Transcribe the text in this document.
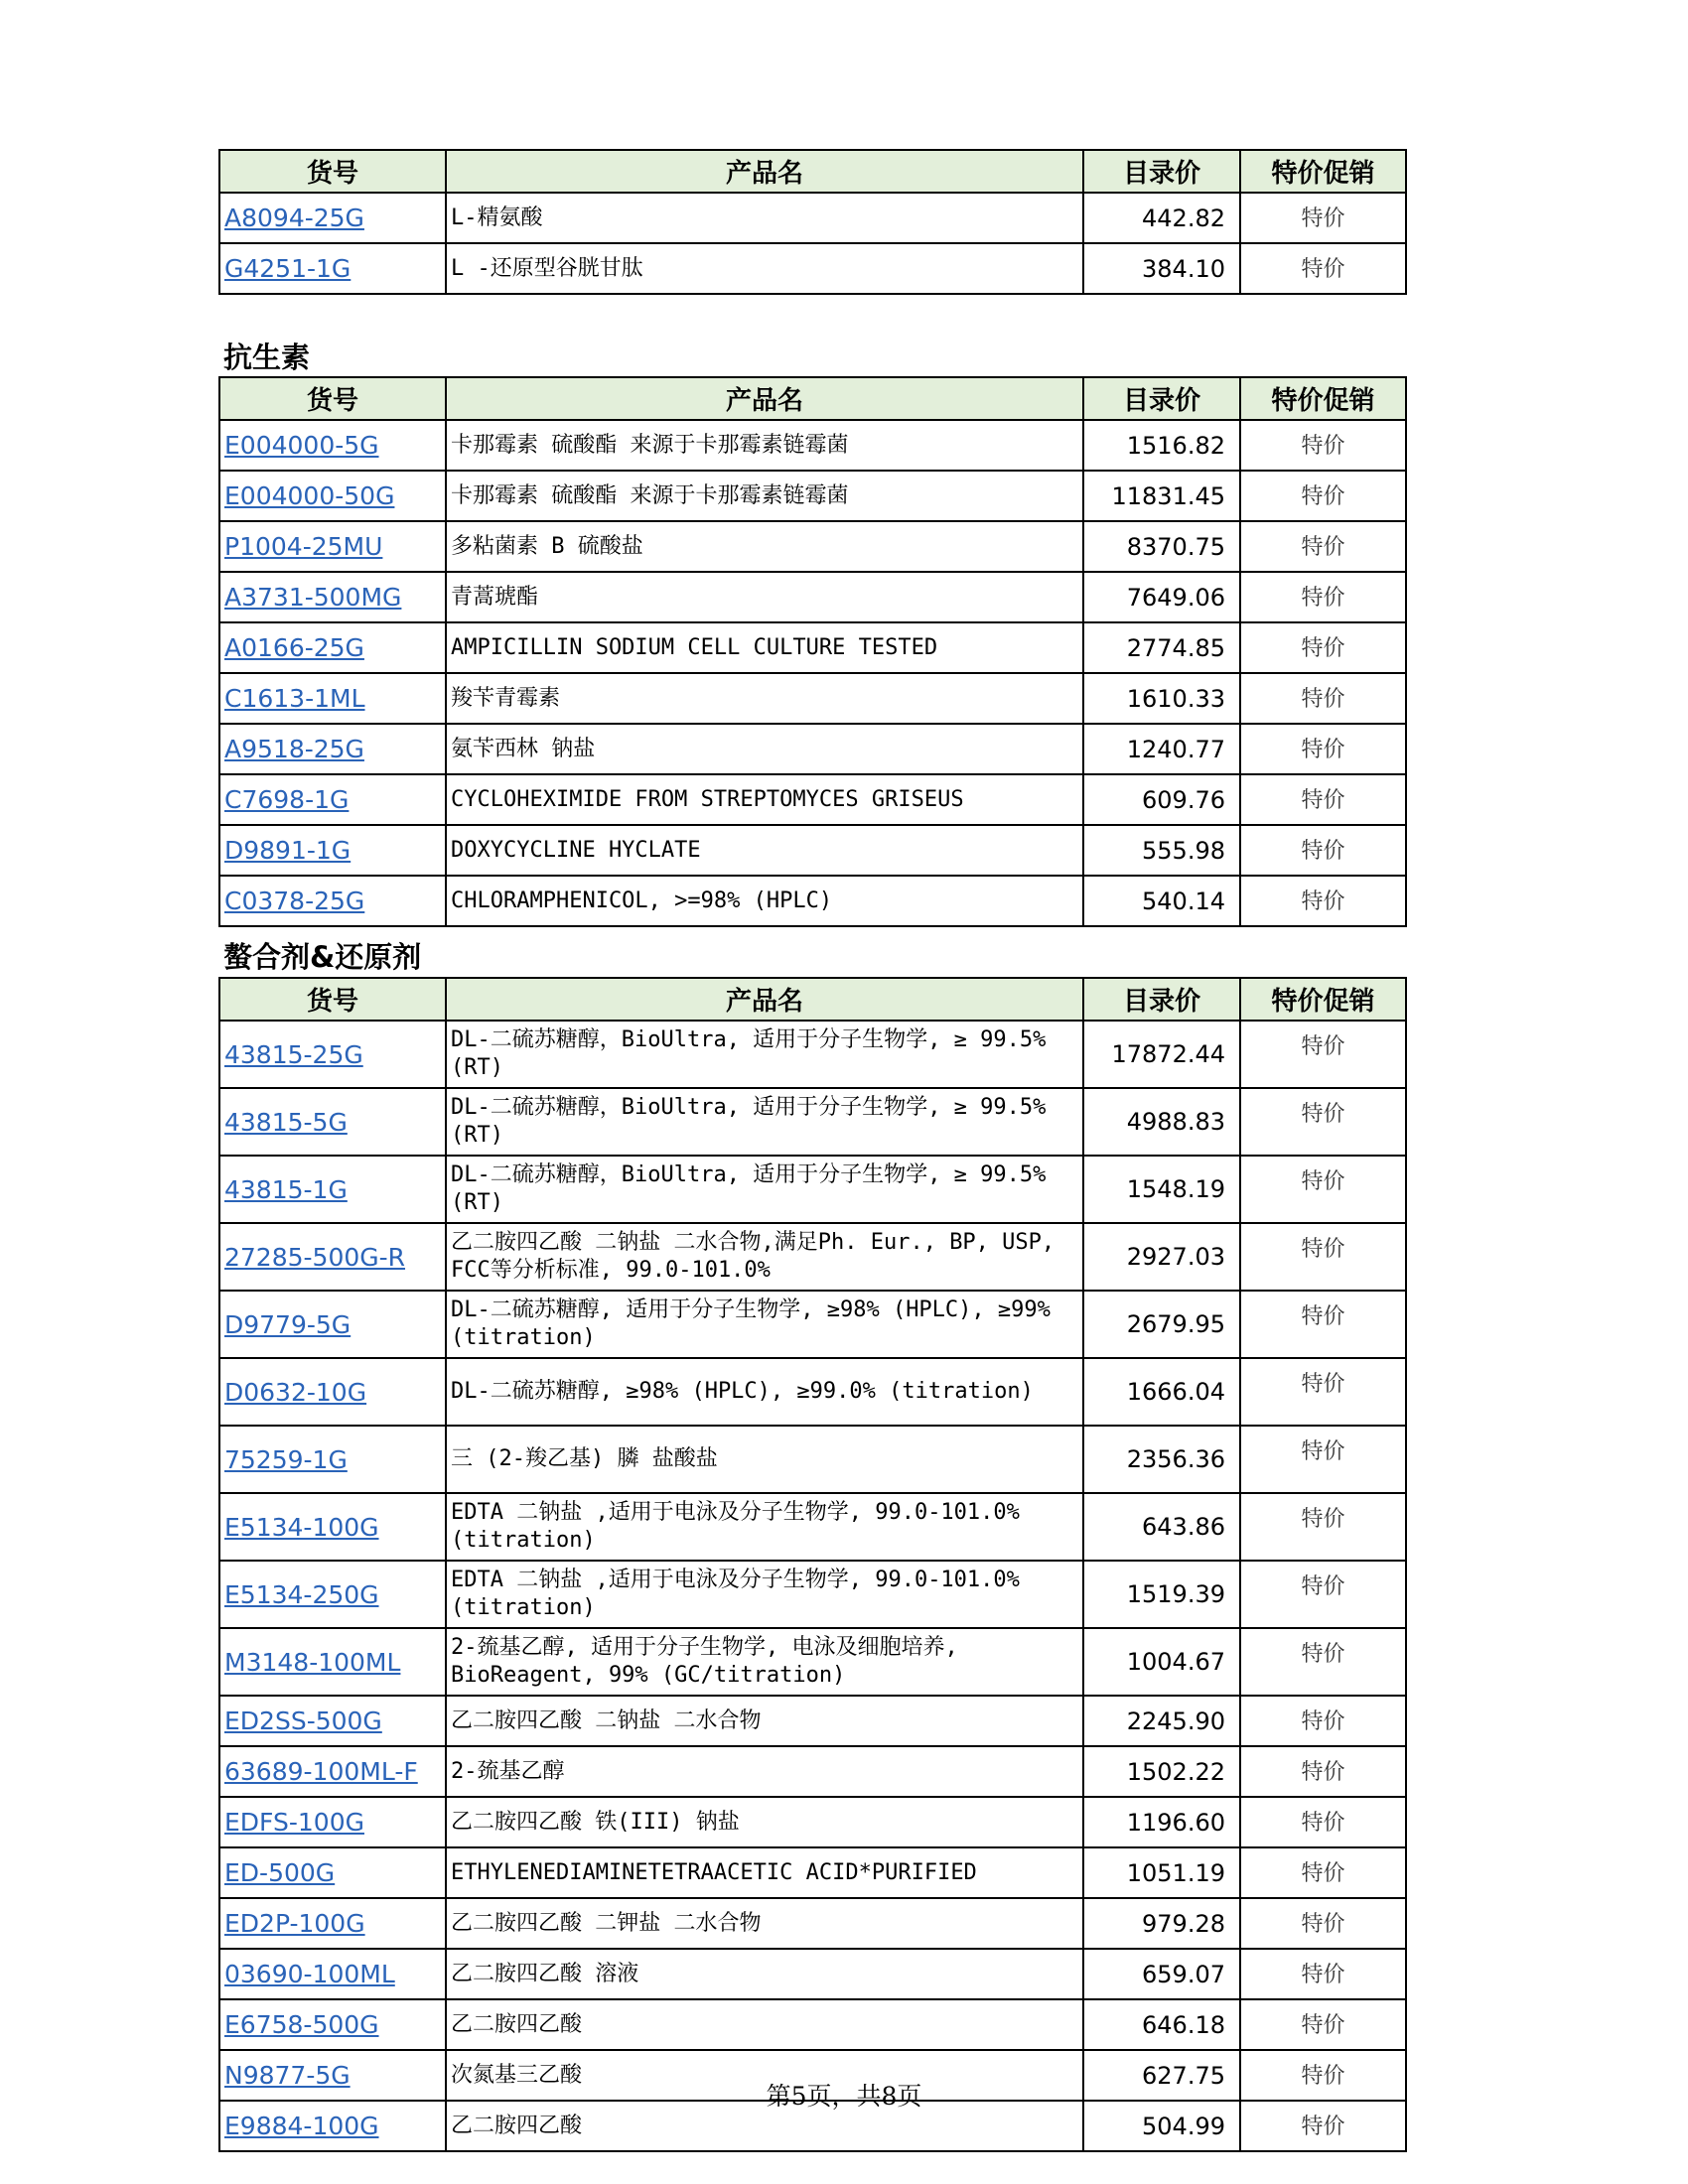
抗生素
螯合剂&还原剂
货号	产品名	目录价	特价促销
A8094-25G	L-精氨酸	442.82	特价
G4251-1G	L -还原型谷胱甘肽	384.10	特价
货号	产品名	目录价	特价促销
E004000-5G	卡那霉素 硫酸酯 来源于卡那霉素链霉菌	1516.82	特价
E004000-50G	卡那霉素 硫酸酯 来源于卡那霉素链霉菌	11831.45	特价
P1004-25MU	多粘菌素 B 硫酸盐	8370.75	特价
A3731-500MG	青蒿琥酯	7649.06	特价
A0166-25G	AMPICILLIN SODIUM CELL CULTURE TESTED	2774.85	特价
C1613-1ML	羧苄青霉素	1610.33	特价
A9518-25G	氨苄西林 钠盐	1240.77	特价
C7698-1G	CYCLOHEXIMIDE FROM STREPTOMYCES GRISEUS	609.76	特价
D9891-1G	DOXYCYCLINE HYCLATE	555.98	特价
C0378-25G	CHLORAMPHENICOL, >=98% (HPLC)	540.14	特价
货号	产品名	目录价	特价促销
43815-25G	DL-二硫苏糖醇，BioUltra, 适用于分子生物学, ≥ 99.5% (RT)	17872.44	特价
43815-5G	DL-二硫苏糖醇，BioUltra, 适用于分子生物学, ≥ 99.5% (RT)	4988.83	特价
43815-1G	DL-二硫苏糖醇，BioUltra, 适用于分子生物学, ≥ 99.5% (RT)	1548.19	特价
27285-500G-R	乙二胺四乙酸 二钠盐 二水合物,满足Ph. Eur., BP, USP, FCC等分析标准, 99.0-101.0%	2927.03	特价
D9779-5G	DL-二硫苏糖醇, 适用于分子生物学, ≥98% (HPLC), ≥99% (titration)	2679.95	特价
D0632-10G	DL-二硫苏糖醇, ≥98% (HPLC), ≥99.0% (titration)	1666.04	特价
75259-1G	三 (2-羧乙基) 膦 盐酸盐	2356.36	特价
E5134-100G	EDTA 二钠盐 ,适用于电泳及分子生物学, 99.0-101.0% (titration)	643.86	特价
E5134-250G	EDTA 二钠盐 ,适用于电泳及分子生物学, 99.0-101.0% (titration)	1519.39	特价
M3148-100ML	2-巯基乙醇, 适用于分子生物学, 电泳及细胞培养, BioReagent, 99% (GC/titration)	1004.67	特价
ED2SS-500G	乙二胺四乙酸 二钠盐 二水合物	2245.90	特价
63689-100ML-F	2-巯基乙醇	1502.22	特价
EDFS-100G	乙二胺四乙酸 铁(III) 钠盐	1196.60	特价
ED-500G	ETHYLENEDIAMINETETRAACETIC ACID*PURIFIED	1051.19	特价
ED2P-100G	乙二胺四乙酸 二钾盐 二水合物	979.28	特价
03690-100ML	乙二胺四乙酸 溶液	659.07	特价
E6758-500G	乙二胺四乙酸	646.18	特价
N9877-5G	次氮基三乙酸	627.75	特价
E9884-100G	乙二胺四乙酸	504.99	特价
第5页，共8页
